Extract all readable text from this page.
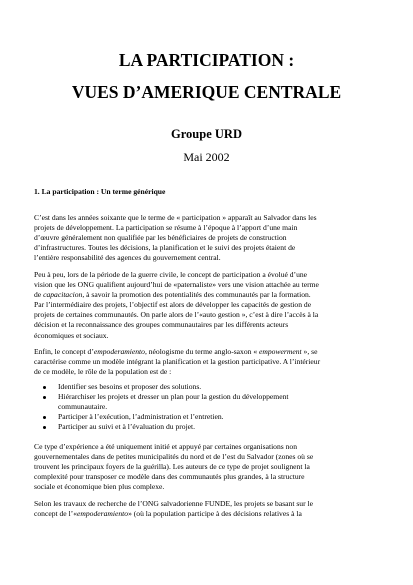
LA PARTICIPATION :
VUES D’AMERIQUE CENTRALE
Groupe URD
Mai 2002
1. La participation : Un terme générique
C’est dans les années soixante que le terme de « participation » apparaît au Salvador dans les
projets de développement. La participation se résume à l’époque à l’apport d’une main
d’œuvre généralement non qualifiée par les bénéficiaires de projets de construction
d’infrastructures. Toutes les décisions, la planification et le suivi des projets étaient de
l’entière responsabilité des agences du gouvernement central.
Peu à peu, lors de la période de la guerre civile, le concept de participation a évolué d’une
vision que les ONG qualifient aujourd’hui de «paternaliste» vers une vision attachée au terme
de capacitacion, à savoir la promotion des potentialités des communautés par la formation.
Par l’intermédiaire des projets, l’objectif est alors de développer les capacités de gestion de
projets de certaines communautés. On parle alors de l’«auto gestion », c’est à dire l’accès à la
décision et la reconnaissance des groupes communautaires par les différents acteurs
économiques et sociaux.
Enfin, le concept d’empoderamiento, néologisme du terme anglo-saxon « empowerment », se
caractérise comme un modèle intégrant la planification et la gestion participative. A l’intérieur
de ce modèle, le rôle de la population est de :
Identifier ses besoins et proposer des solutions.
Hiérarchiser les projets et dresser un plan pour la gestion du développement
communautaire.
Participer à l’exécution, l’administration et l’entretien.
Participer au suivi et à l’évaluation du projet.
Ce type d’expérience a été uniquement initié et appuyé par certaines organisations non
gouvernementales dans de petites municipalités du nord et de l’est du Salvador (zones où se
trouvent les principaux foyers de la guérilla). Les auteurs de ce type de projet soulignent la
complexité pour transposer ce modèle dans des communautés plus grandes, à la structure
sociale et économique bien plus complexe.
Selon les travaux de recherche de l’ONG salvadorienne FUNDE, les projets se basant sur le
concept de l’«empoderamiento» (où la population participe à des décisions relatives à la
